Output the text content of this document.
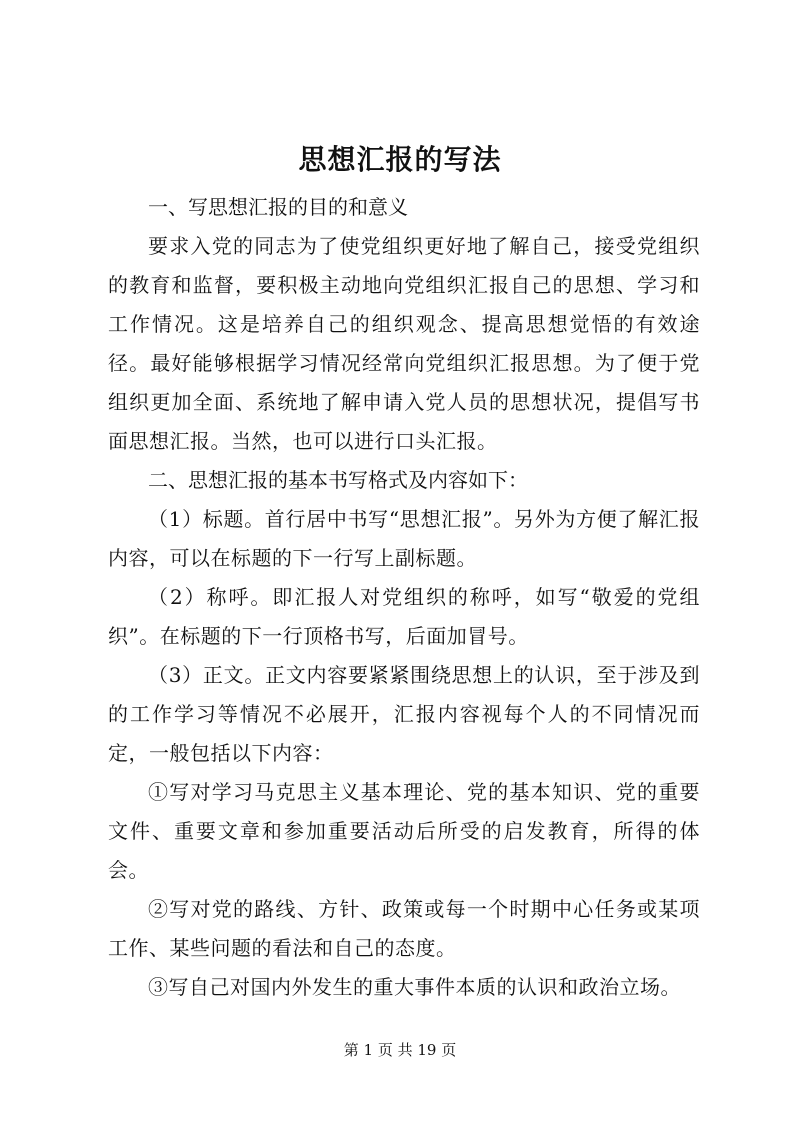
思想汇报的写法

一、写思想汇报的目的和意义

要求入党的同志为了使党组织更好地了解自己，接受党组织的教育和监督，要积极主动地向党组织汇报自己的思想、学习和工作情况。这是培养自己的组织观念、提高思想觉悟的有效途径。最好能够根据学习情况经常向党组织汇报思想。为了便于党组织更加全面、系统地了解申请入党人员的思想状况，提倡写书面思想汇报。当然，也可以进行口头汇报。

二、思想汇报的基本书写格式及内容如下：

（1）标题。首行居中书写“思想汇报”。另外为方便了解汇报内容，可以在标题的下一行写上副标题。

（2）称呼。即汇报人对党组织的称呼，如写“敬爱的党组织”。在标题的下一行顶格书写，后面加冒号。

（3）正文。正文内容要紧紧围绕思想上的认识，至于涉及到的工作学习等情况不必展开，汇报内容视每个人的不同情况而定，一般包括以下内容：

①写对学习马克思主义基本理论、党的基本知识、党的重要文件、重要文章和参加重要活动后所受的启发教育，所得的体会。

②写对党的路线、方针、政策或每一个时期中心任务或某项工作、某些问题的看法和自己的态度。

③写自己对国内外发生的重大事件本质的认识和政治立场。

第 1 页 共 19 页
